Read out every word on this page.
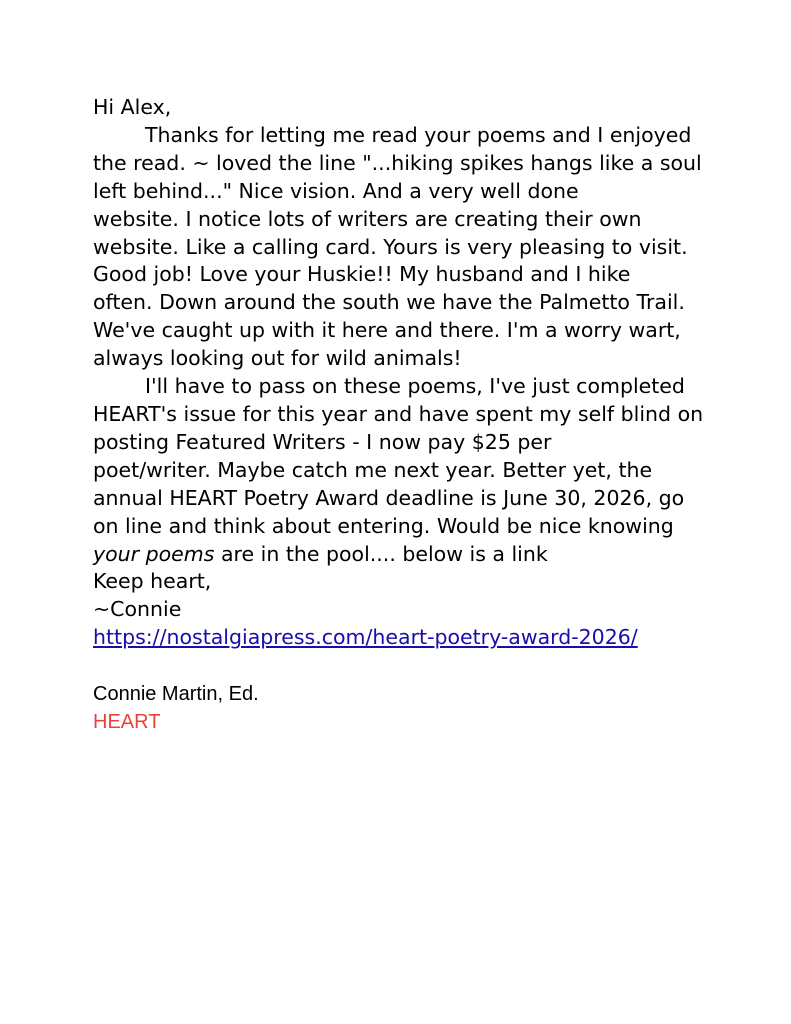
Hi Alex,
Thanks for letting me read your poems and I enjoyed
the read. ~ loved the line "...hiking spikes hangs like a soul
left behind..." Nice vision. And a very well done
website. I notice lots of writers are creating their own
website. Like a calling card. Yours is very pleasing to visit.
Good job! Love your Huskie!! My husband and I hike
often. Down around the south we have the Palmetto Trail.
We've caught up with it here and there. I'm a worry wart,
always looking out for wild animals!
I'll have to pass on these poems, I've just completed
HEART's issue for this year and have spent my self blind on
posting Featured Writers - I now pay $25 per
poet/writer. Maybe catch me next year. Better yet, the
annual HEART Poetry Award deadline is June 30, 2026, go
on line and think about entering. Would be nice knowing
your poems are in the pool.... below is a link
Keep heart,
~Connie
https://nostalgiapress.com/heart-poetry-award-2026/
Connie Martin, Ed.
HEART
